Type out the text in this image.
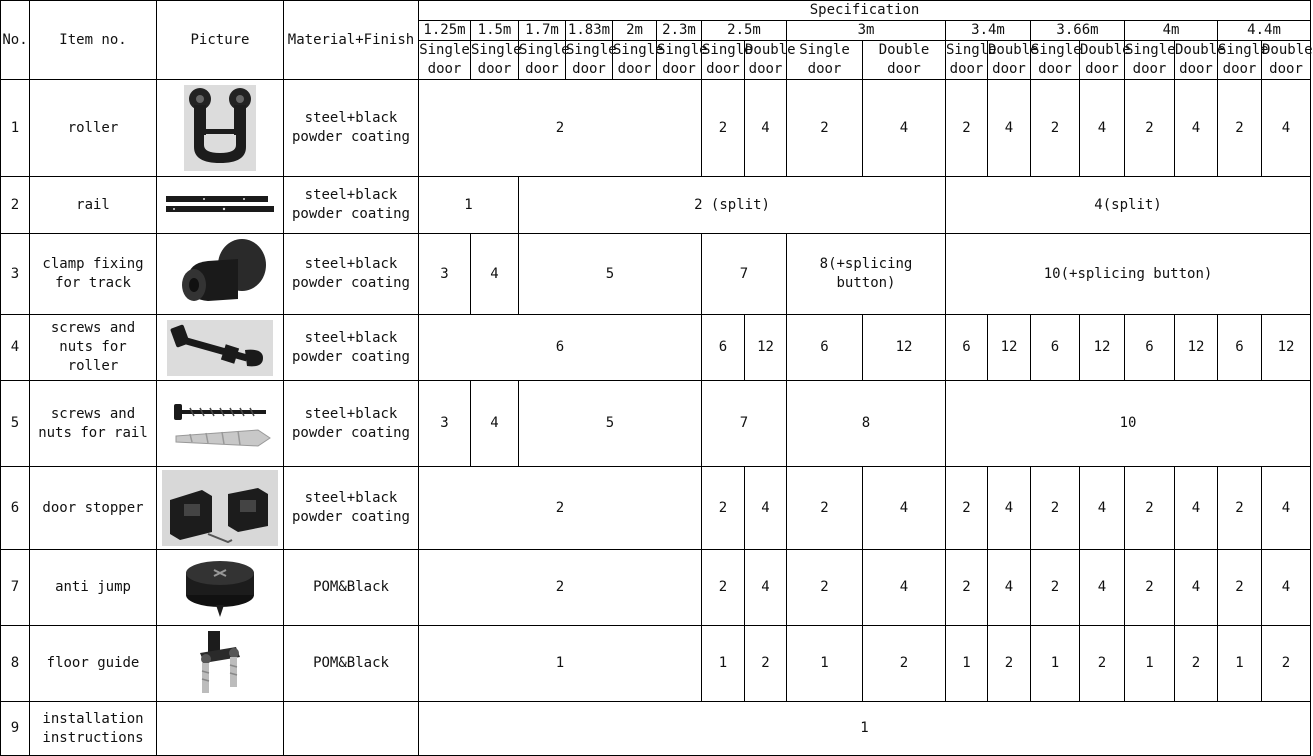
No.	Item no.	Picture	Material+Finish	Specification																	
				1.25m	1.5m	1.7m	1.83m	2m	2.3m	2.5m		3m		3.4m		3.66m		4m		4.4m	
				Single door	Single door	Single door	Single door	Single door	Single door	Single door	Double door	Single door	Double door	Single door	Double door	Single door	Double door	Single door	Double door	Single door	Double door
1	roller		steel+black powder coating	2						2	4	2	4	2	4	2	4	2	4	2	4
2	rail		steel+black powder coating	1		2 (split)								4(split)							
3	clamp fixing for track		steel+black powder coating	3	4	5				7		8(+splicing button)		10(+splicing button)							
4	screws and nuts for roller		steel+black powder coating	6						6	12	6	12	6	12	6	12	6	12	6	12
5	screws and nuts for rail		steel+black powder coating	3	4	5				7		8		10							
6	door stopper		steel+black powder coating	2						2	4	2	4	2	4	2	4	2	4	2	4
7	anti jump		POM&Black	2						2	4	2	4	2	4	2	4	2	4	2	4
8	floor guide		POM&Black	1						1	2	1	2	1	2	1	2	1	2	1	2
9	installation instructions			1																	
